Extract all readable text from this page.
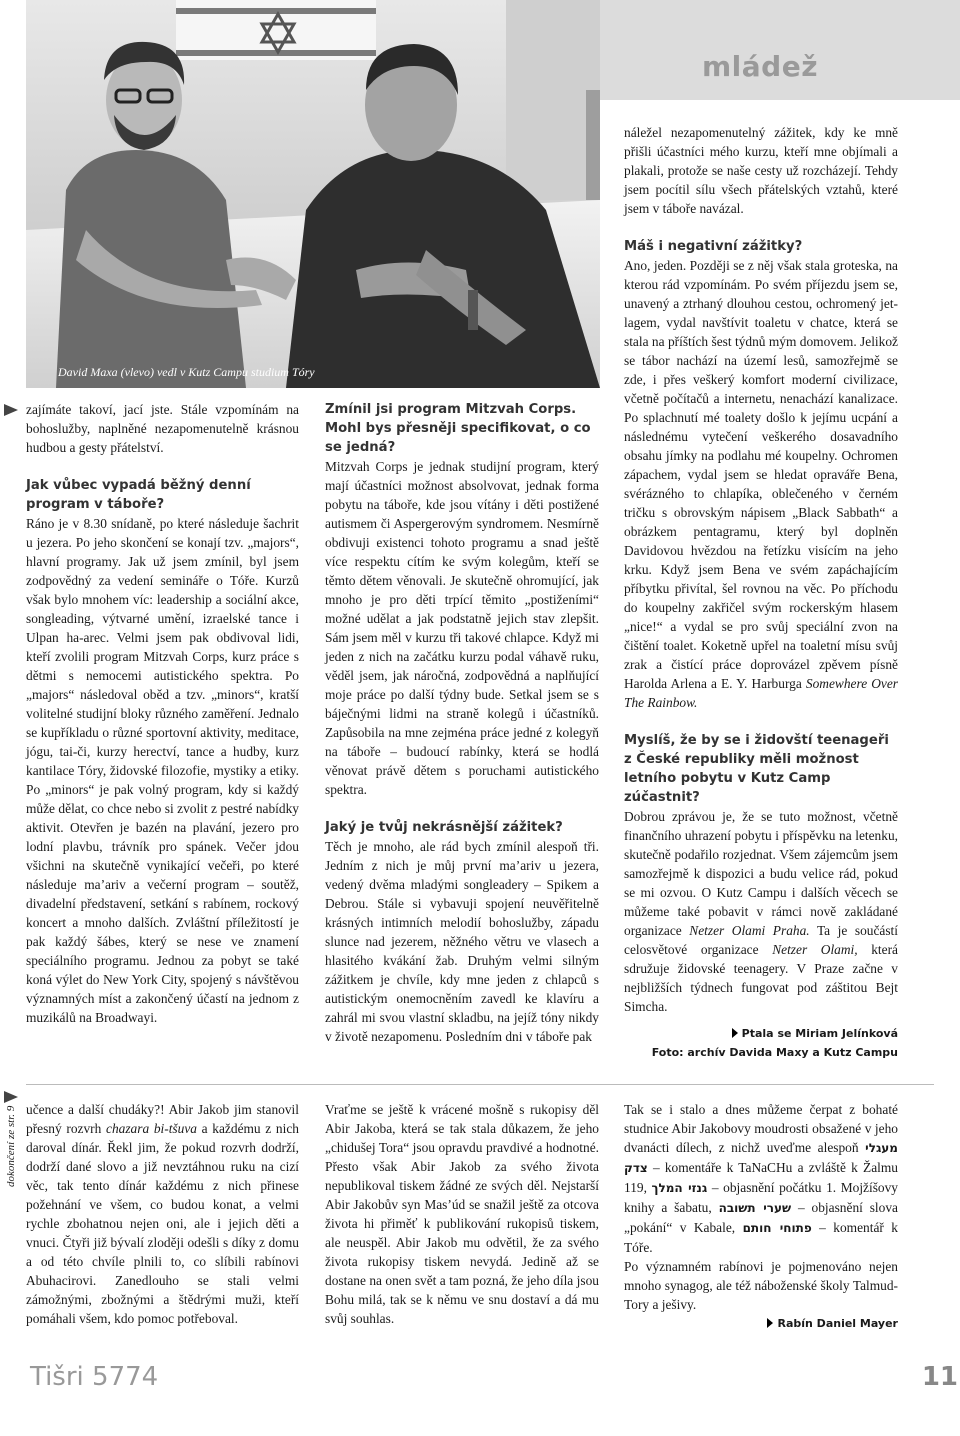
David Maxa (vlevo) vedl v Kutz Campu studium Tóry
mládež

zajímáte takoví, jací jste. Stále vzpomínám na bohoslužby, naplněné nezapomenutelně krásnou hudbou a gesty přátelství.

Jak vůbec vypadá běžný denní program v táboře?

Ráno je v 8.30 snídaně, po které následuje šachrit u jezera. Po jeho skončení se konají tzv. „majors“, hlavní programy. Jak už jsem zmínil, byl jsem zodpovědný za vedení semináře o Tóře. Kurzů však bylo mnohem víc: leadership a sociální akce, songleading, výtvarné umění, izraelské tance i Ulpan ha-arec. Velmi jsem pak obdivoval lidi, kteří zvolili program Mitzvah Corps, kurz práce s dětmi s nemocemi autistického spektra. Po „majors“ následoval oběd a tzv. „minors“, kratší volitelné studijní bloky různého zaměření. Jednalo se kupříkladu o různé sportovní aktivity, meditace, jógu, tai-či, kurzy herectví, tance a hudby, kurz kantilace Tóry, židovské filozofie, mystiky a etiky. Po „minors“ je pak volný program, kdy si každý může dělat, co chce nebo si zvolit z pestré nabídky aktivit. Otevřen je bazén na plavání, jezero pro lodní plavbu, trávník pro spánek. Večer jdou všichni na skutečně vynikající večeři, po které následuje ma’ariv a večerní program – soutěž, divadelní představení, setkání s rabínem, rockový koncert a mnoho dalších. Zvláštní příležitostí je pak každý šábes, který se nese ve znamení speciálního programu. Jednou za pobyt se také koná výlet do New York City, spojený s návštěvou významných míst a zakončený účastí na jednom z muzikálů na Broadwayi.

Zmínil jsi program Mitzvah Corps. Mohl bys přesněji specifikovat, o co se jedná?

Mitzvah Corps je jednak studijní program, který mají účastníci možnost absolvovat, jednak forma pobytu na táboře, kde jsou vítány i děti postižené autismem či Aspergerovým syndromem. Nesmírně obdivuji existenci tohoto programu a snad ještě více respektu cítím ke svým kolegům, kteří se těmto dětem věnovali. Je skutečně ohromující, jak mnoho je pro děti trpící těmito „postiženími“ možné udělat a jak podstatně jejich stav zlepšit. Sám jsem měl v kurzu tři takové chlapce. Když mi jeden z nich na začátku kurzu podal váhavě ruku, věděl jsem, jak náročná, zodpovědná a naplňující moje práce po další týdny bude. Setkal jsem se s báječnými lidmi na straně kolegů i účastníků. Zapůsobila na mne zejména práce jedné z kolegyň na táboře – budoucí rabínky, která se hodlá věnovat právě dětem s poruchami autistického spektra.

Jaký je tvůj nekrásnější zážitek?

Těch je mnoho, ale rád bych zmínil alespoň tři. Jedním z nich je můj první ma’ariv u jezera, vedený dvěma mladými songleadery – Spikem a Debrou. Stále si vybavuji spojení neuvěřitelně krásných intimních melodií bohoslužby, západu slunce nad jezerem, něžného větru ve vlasech a hlasitého kvákání žab. Druhým velmi silným zážitkem je chvíle, kdy mne jeden z chlapců s autistickým onemocněním zavedl ke klavíru a zahrál mi svou vlastní skladbu, na jejíž tóny nikdy v životě nezapomenu. Posledním dni v táboře pak

náležel nezapomenutelný zážitek, kdy ke mně přišli účastníci mého kurzu, kteří mne objímali a plakali, protože se naše cesty už rozcházejí. Tehdy jsem pocítil sílu všech přátelských vztahů, které jsem v táboře navázal.

Máš i negativní zážitky?

Ano, jeden. Později se z něj však stala groteska, na kterou rád vzpomínám. Po svém příjezdu jsem se, unavený a ztrhaný dlouhou cestou, ochromený jet-lagem, vydal navštívit toaletu v chatce, která se stala na příštích šest týdnů mým domovem. Jelikož se tábor nachází na území lesů, samozřejmě se zde, i přes veškerý komfort moderní civilizace, včetně počítačů a internetu, nenachází kanalizace. Po splachnutí mé toalety došlo k jejímu ucpání a následnému vytečení veškerého dosavadního obsahu jímky na podlahu mé koupelny. Ochromen zápachem, vydal jsem se hledat opraváře Bena, svérázného to chlapíka, oblečeného v černém tričku s obrovským nápisem „Black Sabbath“ a obrázkem pentagramu, který byl doplněn Davidovou hvězdou na řetízku visícím na jeho krku. Když jsem Bena ve svém zapáchajícím příbytku přivítal, šel rovnou na věc. Po příchodu do koupelny zakřičel svým rockerským hlasem „nice!“ a vydal se pro svůj speciální zvon na čištění toalet. Koketně upřel na toaletní mísu svůj zrak a čistící práce doprovázel zpěvem písně Harolda Arlena a E. Y. Harburga Somewhere Over The Rainbow.

Myslíš, že by se i židovští teenageři z České republiky měli možnost letního pobytu v Kutz Camp zúčastnit?

Dobrou zprávou je, že se tuto možnost, včetně finančního uhrazení pobytu i příspěvku na letenku, skutečně podařilo rozjednat. Všem zájemcům jsem samozřejmě k dispozici a budu velice rád, pokud se mi ozvou. O Kutz Campu i dalších věcech se můžeme také pobavit v rámci nově zakládané organizace Netzer Olami Praha. Ta je součástí celosvětové organizace Netzer Olami, která sdružuje židovské teenagery. V Praze začne v nejbližších týdnech fungovat pod záštitou Bejt Simcha.

Ptala se Miriam Jelínková
Foto: archív Davida Maxy a Kutz Campu
dokončení ze str. 9 učence a další chudáky?! Abir Jakob jim stanovil přesný rozvrh chazara bi-tšuva a každému z nich daroval dínár. Řekl jim, že pokud rozvrh dodrží, dodrží dané slovo a již nevztáhnou ruku na cizí věc, tak tento dínár každému z nich přinese požehnání ve všem, co budou konat, a velmi rychle zbohatnou nejen oni, ale i jejich děti a vnuci. Čtyři již bývalí zloději odešli s díky z domu a od této chvíle plnili to, co slíbili rabínovi Abuhacirovi. Zanedlouho se stali velmi zámožnými, zbožnými a štědrými muži, kteří pomáhali všem, kdo pomoc potřeboval.

Vraťme se ještě k vrácené mošně s rukopisy děl Abir Jakoba, která se tak stala důkazem, že jeho „chidušej Tora“ jsou opravdu pravdivé a hodnotné. Přesto však Abir Jakob za svého života nepublikoval tiskem žádné ze svých děl. Nejstarší Abir Jakobův syn Mas’úd se snažil ještě za otcova života hi přiměť k publikování rukopisů tiskem, ale neuspěl. Abir Jakob mu odvětil, že za svého života rukopisy tiskem nevydá. Jedině až se dostane na onen svět a tam pozná, že jeho díla jsou Bohu milá, tak se k němu ve snu dostaví a dá mu svůj souhlas.

Tak se i stalo a dnes můžeme čerpat z bohaté studnice Abir Jakobovy moudrosti obsažené v jeho dvanácti dílech, z nichž uveďme alespoň מעגלי צדק – komentáře k TaNaCHu a zvláště k Žalmu 119, גנזי המלך – objasnění počátku 1. Mojžíšovy knihy a šabatu, שערי תשובה – objasnění slova „pokání“ v Kabale, פתוחי חותם – komentář k Tóře.

Po významném rabínovi je pojmenováno nejen mnoho synagog, ale též náboženské školy Talmud-Tory a ješivy.

Rabín Daniel Mayer
Tišri 5774	11
